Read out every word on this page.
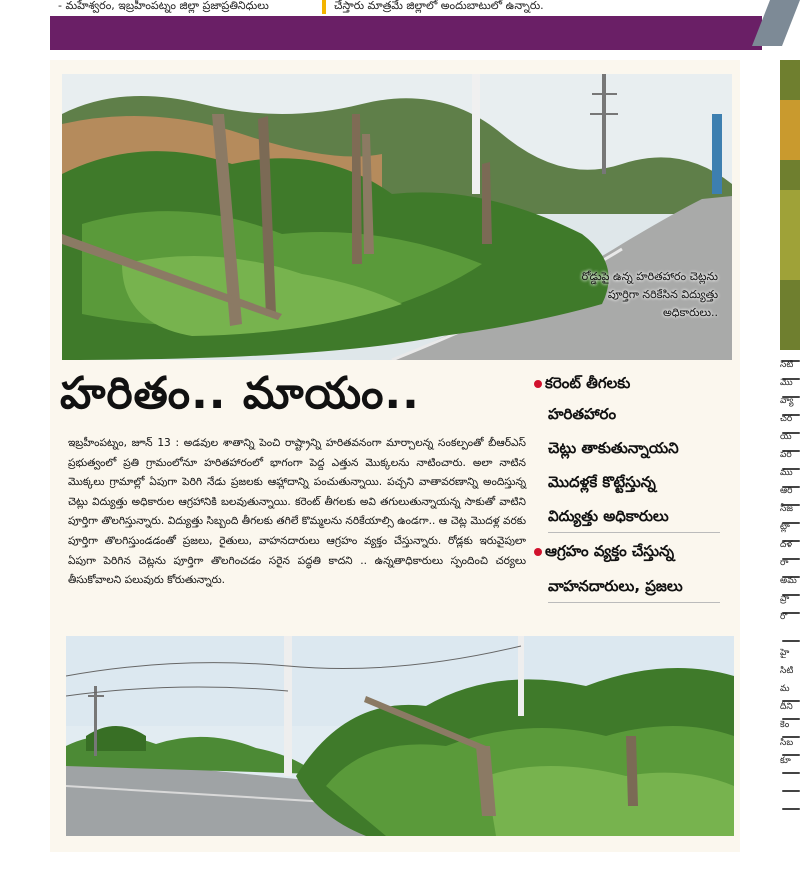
- మహేశ్వరం, ఇబ్రహీంపట్నం జిల్లా ప్రజాప్రతినిధులు	చేస్తారు మాత్రమే జిల్లాలో అందుబాటులో ఉన్నారు.
రోడ్డుపై ఉన్న హరితహారం చెట్లను పూర్తిగా నరికేసిన విద్యుత్తు అధికారులు..
హరితం.. మాయం..	కరెంట్ తీగలకు
హరితహారం
చెట్లు తాకుతున్నాయని
మొదళ్లకే కొట్టేస్తున్న
విద్యుత్తు అధికారులు
ఆగ్రహం వ్యక్తం చేస్తున్న
వాహనదారులు, ప్రజలు
ఇబ్రహీంపట్నం, జూన్ 13 : అడవుల శాతాన్ని పెంచి రాష్ట్రాన్ని హరితవనంగా మార్చాలన్న సంకల్పంతో బీఆర్‌ఎస్ ప్రభుత్వంలో ప్రతి గ్రామంలోనూ హరితహారంలో భాగంగా పెద్ద ఎత్తున మొక్కలను నాటించారు. అలా నాటిన మొక్కలు గ్రామాల్లో ఏపుగా పెరిగి నేడు ప్రజలకు ఆహ్లాదాన్ని పంచుతున్నాయి. పచ్చని వాతావరణాన్ని అందిస్తున్న చెట్లు విద్యుత్తు అధికారుల ఆగ్రహానికి బలవుతున్నాయి. కరెంట్ తీగలకు అవి తగులుతున్నాయన్న సాకుతో వాటిని పూర్తిగా తొలగిస్తున్నారు. విద్యుత్తు సిబ్బంది తీగలకు తగిలే కొమ్మలను నరికేయాల్సి ఉండగా.. ఆ చెట్ల మొదళ్ల వరకు పూర్తిగా తొలగిస్తుండడంతో ప్రజలు, రైతులు, వాహనదారులు ఆగ్రహం వ్యక్తం చేస్తున్నారు. రోడ్లకు ఇరువైపులా ఏపుగా పెరిగిన చెట్లను పూర్తిగా తొలగించడం సరైన పద్ధతి కాదని .. ఉన్నతాధికారులు స్పందించి చర్యలు తీసుకోవాలని పలువురు కోరుతున్నారు.
సిటి
మొ
వ్యా
చర
య
పరి
ము
ఆరి
సీజ
ట్లా
దళ
రా
అమ
ప్రా
రొ
హై
సిటి
మ
దీని
కెం
సిబ
కూ
